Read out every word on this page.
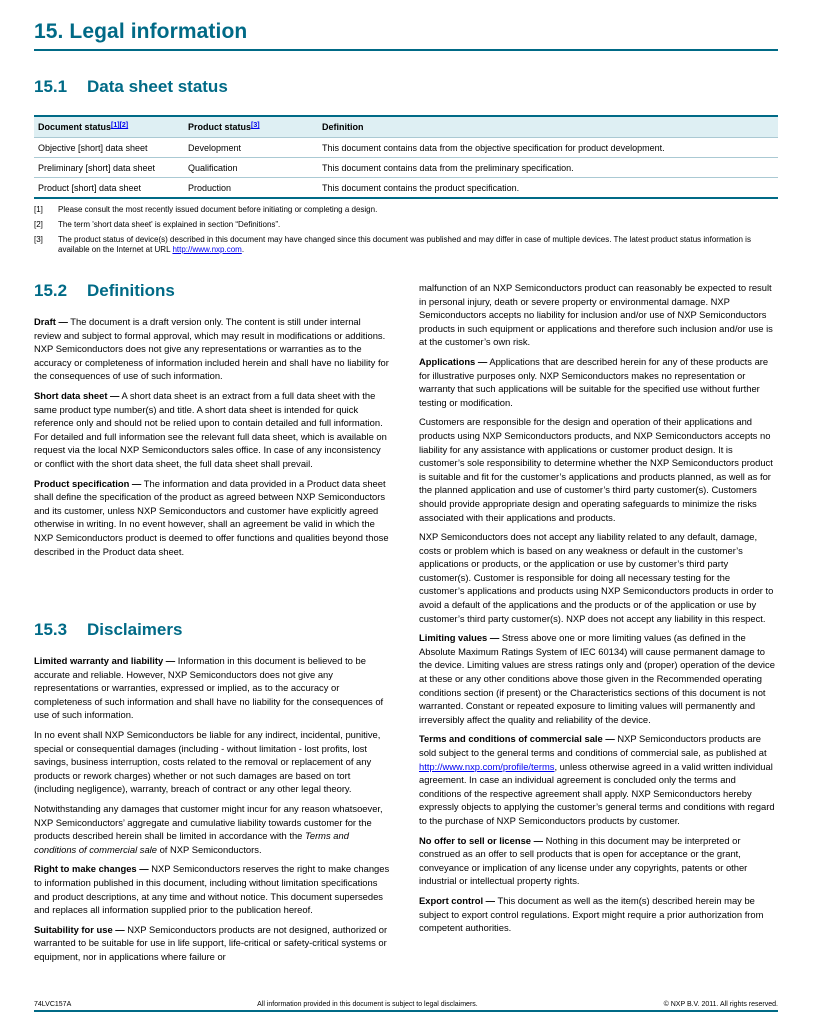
15. Legal information
15.1 Data sheet status
Document status[1][2]	Product status[3]	Definition
Objective [short] data sheet	Development	This document contains data from the objective specification for product development.
Preliminary [short] data sheet	Qualification	This document contains data from the preliminary specification.
Product [short] data sheet	Production	This document contains the product specification.
[1]	Please consult the most recently issued document before initiating or completing a design.
[2]	The term 'short data sheet' is explained in section “Definitions”.
[3]	The product status of device(s) described in this document may have changed since this document was published and may differ in case of multiple devices. The latest product status information is available on the Internet at URL http://www.nxp.com.
15.2 Definitions

Draft — The document is a draft version only. The content is still under internal review and subject to formal approval, which may result in modifications or additions. NXP Semiconductors does not give any representations or warranties as to the accuracy or completeness of information included herein and shall have no liability for the consequences of use of such information.

Short data sheet — A short data sheet is an extract from a full data sheet with the same product type number(s) and title. A short data sheet is intended for quick reference only and should not be relied upon to contain detailed and full information. For detailed and full information see the relevant full data sheet, which is available on request via the local NXP Semiconductors sales office. In case of any inconsistency or conflict with the short data sheet, the full data sheet shall prevail.

Product specification — The information and data provided in a Product data sheet shall define the specification of the product as agreed between NXP Semiconductors and its customer, unless NXP Semiconductors and customer have explicitly agreed otherwise in writing. In no event however, shall an agreement be valid in which the NXP Semiconductors product is deemed to offer functions and qualities beyond those described in the Product data sheet.

15.3 Disclaimers

Limited warranty and liability — Information in this document is believed to be accurate and reliable. However, NXP Semiconductors does not give any representations or warranties, expressed or implied, as to the accuracy or completeness of such information and shall have no liability for the consequences of use of such information.

In no event shall NXP Semiconductors be liable for any indirect, incidental, punitive, special or consequential damages (including - without limitation - lost profits, lost savings, business interruption, costs related to the removal or replacement of any products or rework charges) whether or not such damages are based on tort (including negligence), warranty, breach of contract or any other legal theory.

Notwithstanding any damages that customer might incur for any reason whatsoever, NXP Semiconductors’ aggregate and cumulative liability towards customer for the products described herein shall be limited in accordance with the Terms and conditions of commercial sale of NXP Semiconductors.

Right to make changes — NXP Semiconductors reserves the right to make changes to information published in this document, including without limitation specifications and product descriptions, at any time and without notice. This document supersedes and replaces all information supplied prior to the publication hereof.

Suitability for use — NXP Semiconductors products are not designed, authorized or warranted to be suitable for use in life support, life-critical or safety-critical systems or equipment, nor in applications where failure or

malfunction of an NXP Semiconductors product can reasonably be expected to result in personal injury, death or severe property or environmental damage. NXP Semiconductors accepts no liability for inclusion and/or use of NXP Semiconductors products in such equipment or applications and therefore such inclusion and/or use is at the customer’s own risk.

Applications — Applications that are described herein for any of these products are for illustrative purposes only. NXP Semiconductors makes no representation or warranty that such applications will be suitable for the specified use without further testing or modification.

Customers are responsible for the design and operation of their applications and products using NXP Semiconductors products, and NXP Semiconductors accepts no liability for any assistance with applications or customer product design. It is customer’s sole responsibility to determine whether the NXP Semiconductors product is suitable and fit for the customer’s applications and products planned, as well as for the planned application and use of customer’s third party customer(s). Customers should provide appropriate design and operating safeguards to minimize the risks associated with their applications and products.

NXP Semiconductors does not accept any liability related to any default, damage, costs or problem which is based on any weakness or default in the customer’s applications or products, or the application or use by customer’s third party customer(s). Customer is responsible for doing all necessary testing for the customer’s applications and products using NXP Semiconductors products in order to avoid a default of the applications and the products or of the application or use by customer’s third party customer(s). NXP does not accept any liability in this respect.

Limiting values — Stress above one or more limiting values (as defined in the Absolute Maximum Ratings System of IEC 60134) will cause permanent damage to the device. Limiting values are stress ratings only and (proper) operation of the device at these or any other conditions above those given in the Recommended operating conditions section (if present) or the Characteristics sections of this document is not warranted. Constant or repeated exposure to limiting values will permanently and irreversibly affect the quality and reliability of the device.

Terms and conditions of commercial sale — NXP Semiconductors products are sold subject to the general terms and conditions of commercial sale, as published at http://www.nxp.com/profile/terms, unless otherwise agreed in a valid written individual agreement. In case an individual agreement is concluded only the terms and conditions of the respective agreement shall apply. NXP Semiconductors hereby expressly objects to applying the customer’s general terms and conditions with regard to the purchase of NXP Semiconductors products by customer.

No offer to sell or license — Nothing in this document may be interpreted or construed as an offer to sell products that is open for acceptance or the grant, conveyance or implication of any license under any copyrights, patents or other industrial or intellectual property rights.

Export control — This document as well as the item(s) described herein may be subject to export control regulations. Export might require a prior authorization from competent authorities.

74LVC157A	All information provided in this document is subject to legal disclaimers.	© NXP B.V. 2011. All rights reserved.
